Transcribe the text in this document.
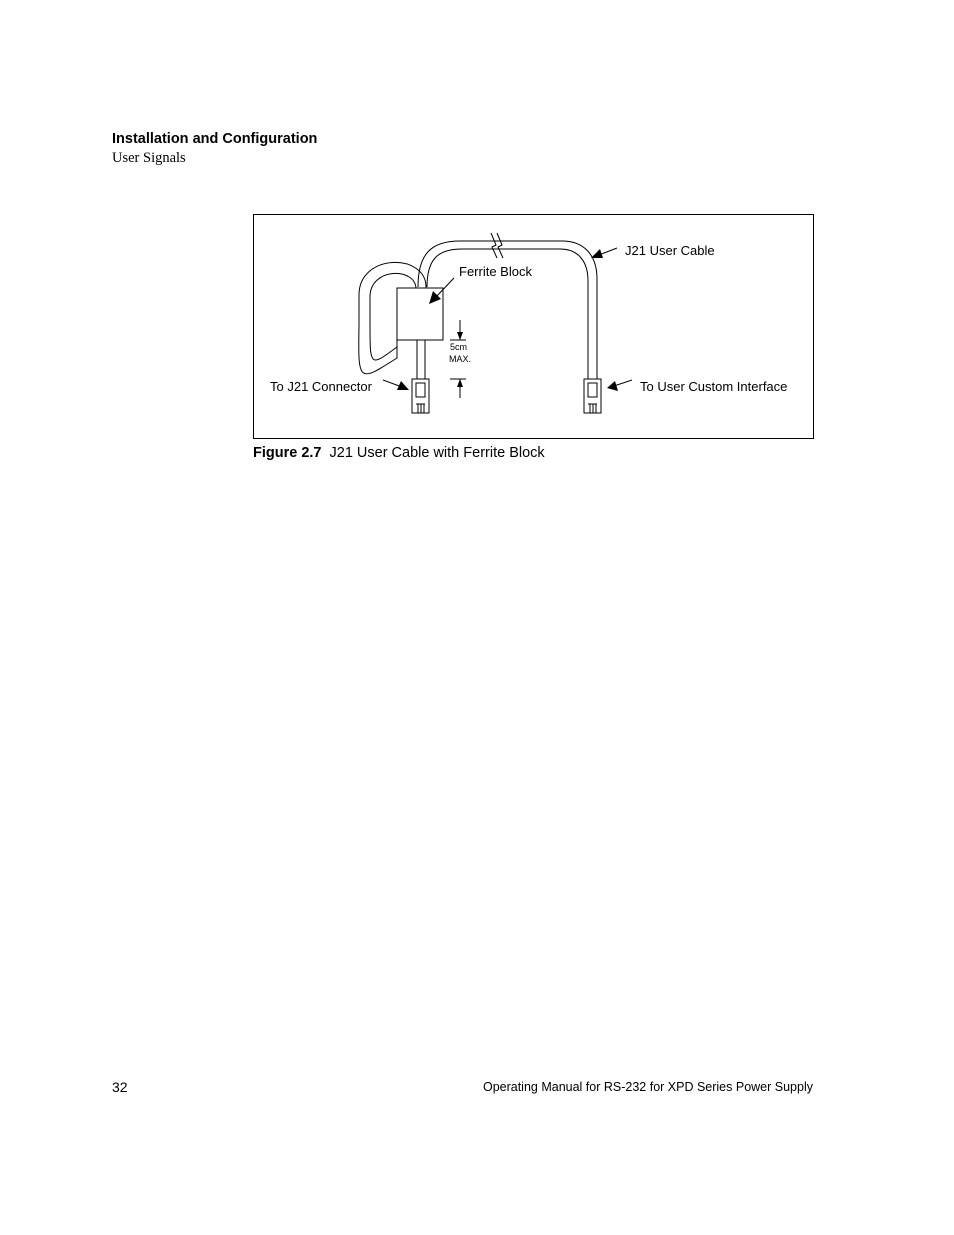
Installation and Configuration
User Signals
J21 User Cable
Ferrite Block
To J21 Connector	To User Custom Interface
5cm
MAX.
Figure 2.7 J21 User Cable with Ferrite Block
32	Operating Manual for RS-232 for XPD Series Power Supply
